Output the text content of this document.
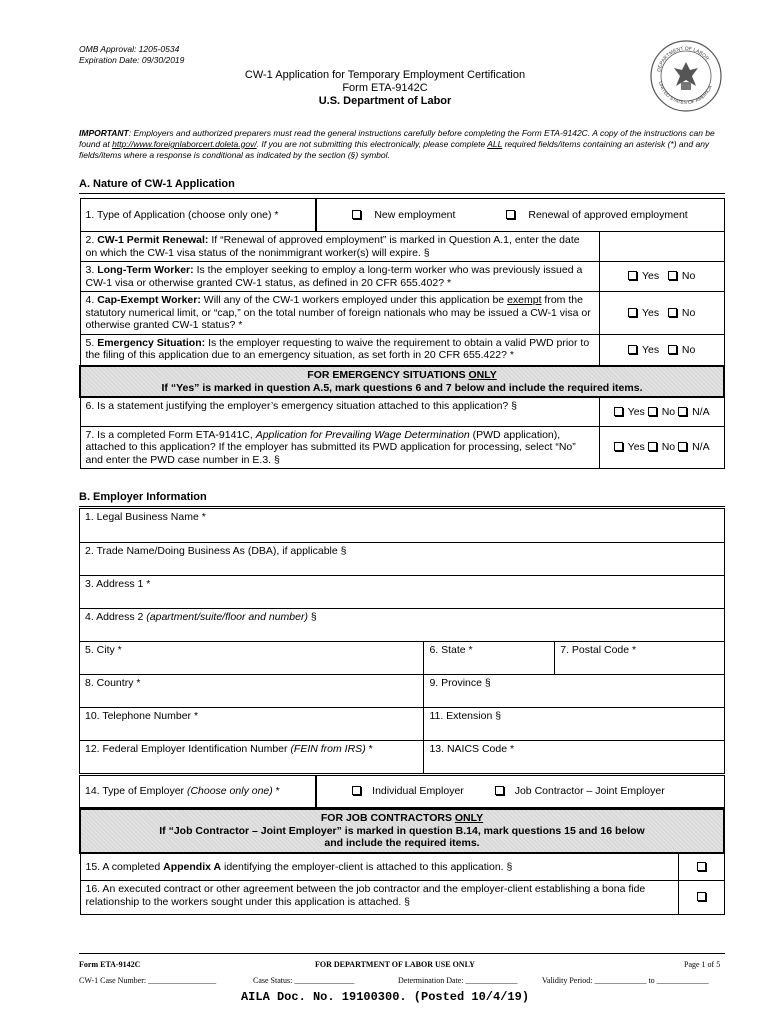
OMB Approval: 1205-0534
Expiration Date: 09/30/2019
CW-1 Application for Temporary Employment Certification
Form ETA-9142C
U.S. Department of Labor
DEPARTMENT OF LABOR
UNITED STATES OF AMERICA
IMPORTANT: Employers and authorized preparers must read the general instructions carefully before completing the Form ETA-9142C. A copy of the instructions can be found at http://www.foreignlaborcert.doleta.gov/. If you are not submitting this electronically, please complete ALL required fields/items containing an asterisk (*) and any fields/items where a response is conditional as indicated by the section (§) symbol.
A. Nature of CW-1 Application
1. Type of Application (choose only one) *	New employment Renewal of approved employment	
2. CW-1 Permit Renewal: If “Renewal of approved employment” is marked in Question A.1, enter the date on which the CW-1 visa status of the nonimmigrant worker(s) will expire. §		
3. Long-Term Worker: Is the employer seeking to employ a long-term worker who was previously issued a CW-1 visa or otherwise granted CW-1 status, as defined in 20 CFR 655.402? *		Yes No
4. Cap-Exempt Worker: Will any of the CW-1 workers employed under this application be exempt from the statutory numerical limit, or “cap,” on the total number of foreign nationals who may be issued a CW-1 visa or otherwise granted CW-1 status? *		Yes No
5. Emergency Situation: Is the employer requesting to waive the requirement to obtain a valid PWD prior to the filing of this application due to an emergency situation, as set forth in 20 CFR 655.422? *		Yes No

FOR EMERGENCY SITUATIONS ONLY
If “Yes” is marked in question A.5, mark questions 6 and 7 below and include the required items.		

6. Is a statement justifying the employer’s emergency situation attached to this application? §		Yes No N/A
7. Is a completed Form ETA-9141C, Application for Prevailing Wage Determination (PWD application), attached to this application? If the employer has submitted its PWD application for processing, select “No” and enter the PWD case number in E.3. §		Yes No N/A
B. Employer Information
1. Legal Business Name *		
2. Trade Name/Doing Business As (DBA), if applicable §		
3. Address 1 *		
4. Address 2 (apartment/suite/floor and number) §		
5. City *	6. State *	7. Postal Code *
8. Country *	9. Province §	
10. Telephone Number *	11. Extension §	
12. Federal Employer Identification Number (FEIN from IRS) *	13. NAICS Code *	
14. Type of Employer (Choose only one) *	Individual Employer	Job Contractor – Joint Employer
FOR JOB CONTRACTORS ONLY
If “Job Contractor – Joint Employer” is marked in question B.14, mark questions 15 and 16 below
and include the required items.	

15. A completed Appendix A identifying the employer-client is attached to this application. §	
16. An executed contract or other agreement between the job contractor and the employer-client establishing a bona fide relationship to the workers sought under this application is attached. §	
Form ETA-9142C	FOR DEPARTMENT OF LABOR USE ONLY	Page 1 of 5
CW-1 Case Number: _________________	Case Status: _______________	Determination Date: _____________	Validity Period: _____________ to _____________
AILA Doc. No. 19100300. (Posted 10/4/19)
